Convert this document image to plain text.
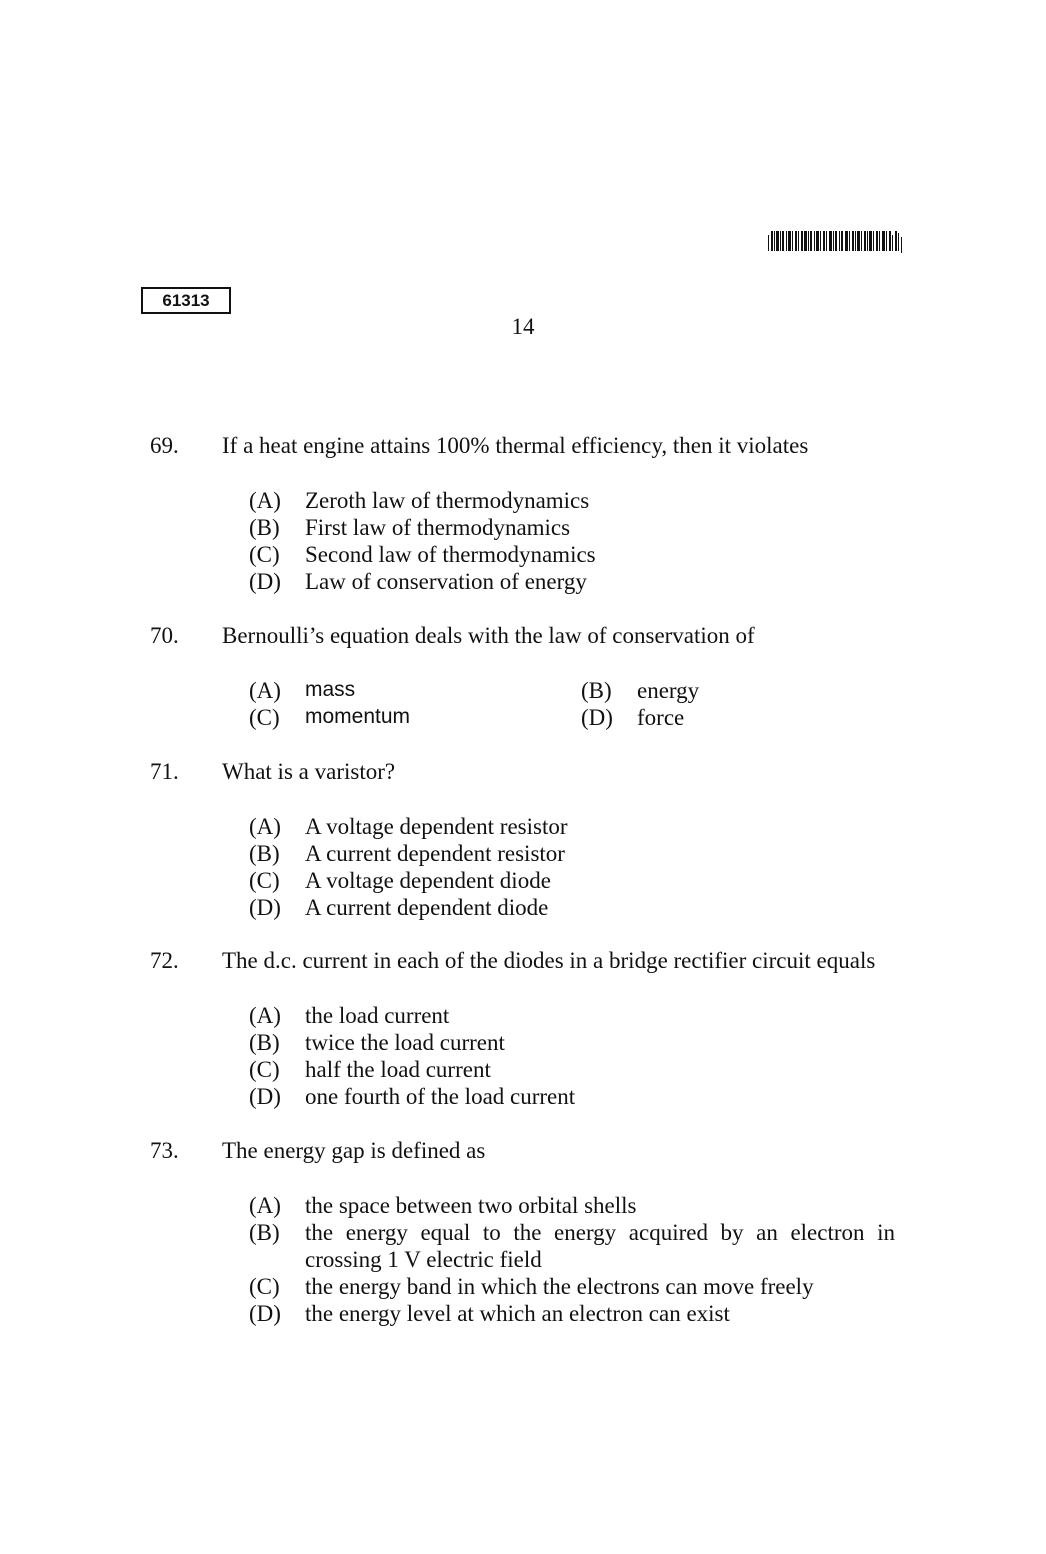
61313
14
69. If a heat engine attains 100% thermal efficiency, then it violates
(A) Zeroth law of thermodynamics
(B) First law of thermodynamics
(C) Second law of thermodynamics
(D) Law of conservation of energy
70. Bernoulli’s equation deals with the law of conservation of
(A) mass	(B) energy
(C) momentum	(D) force
71. What is a varistor?
(A) A voltage dependent resistor
(B) A current dependent resistor
(C) A voltage dependent diode
(D) A current dependent diode
72. The d.c. current in each of the diodes in a bridge rectifier circuit equals
(A) the load current
(B) twice the load current
(C) half the load current
(D) one fourth of the load current
73. The energy gap is defined as
(A) the space between two orbital shells
(B) the energy equal to the energy acquired by an electron in
crossing 1 V electric field
(C) the energy band in which the electrons can move freely
(D) the energy level at which an electron can exist
